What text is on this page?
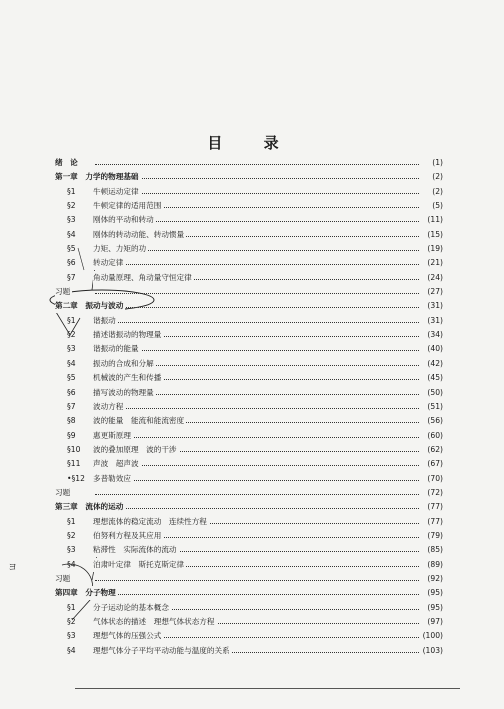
目 录
绪　论	(1)
第一章　力学的物理基础	(2)
§1	牛顿运动定律	(2)
§2	牛顿定律的适用范围	(5)
§3	刚体的平动和转动	(11)
§4	刚体的转动动能、转动惯量	(15)
§5	力矩、力矩的功	(19)
§6	转动定律	(21)
§7	角动量原理、角动量守恒定律	(24)
习题	(27)
第二章　振动与波动	(31)
§1	谐振动	(31)
§2	描述谐振动的物理量	(34)
§3	谐振动的能量	(40)
§4	振动的合成和分解	(42)
§5	机械波的产生和传播	(45)
§6	描写波动的物理量	(50)
§7	波动方程	(51)
§8	波的能量　能流和能流密度	(56)
§9	惠更斯原理	(60)
§10	波的叠加原理　波的干涉	(62)
§11	声波　超声波	(67)
•§12	多普勒效应	(70)
习题	(72)
第三章　流体的运动	(77)
§1	理想流体的稳定流动　连续性方程	(77)
§2	伯努利方程及其应用	(79)
§3	粘滞性　实际流体的流动	(85)
§4	泊肃叶定律　斯托克斯定律	(89)
习题	(92)
第四章　分子物理	(95)
§1	分子运动论的基本概念	(95)
§2	气体状态的描述　理想气体状态方程	(97)
§3	理想气体的压强公式	(100)
§4	理想气体分子平均平动动能与温度的关系	(103)
ヨ
